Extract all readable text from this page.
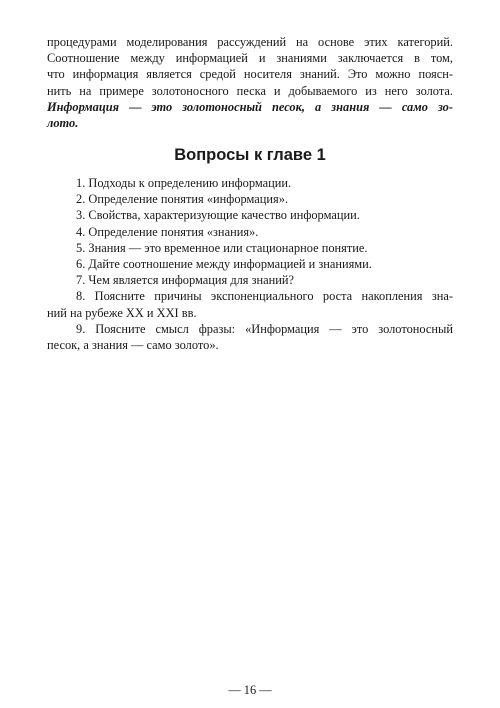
процедурами моделирования рассуждений на основе этих категорий.
Соотношение между информацией и знаниями заключается в том,
что информация является средой носителя знаний. Это можно поясн-
нить на примере золотоносного песка и добываемого из него золота.
Информация — это золотоносный песок, а знания — само зо-
лото.

Вопросы к главе 1
1. Подходы к определению информации.
2. Определение понятия «информация».
3. Свойства, характеризующие качество информации.
4. Определение понятия «знания».
5. Знания — это временное или стационарное понятие.
6. Дайте соотношение между информацией и знаниями.
7. Чем является информация для знаний?
8. Поясните причины экспоненциального роста накопления зна-
ний на рубеже XX и XXI вв.
9. Поясните смысл фразы: «Информация — это золотоносный
песок, а знания — само золото».
— 16 —
